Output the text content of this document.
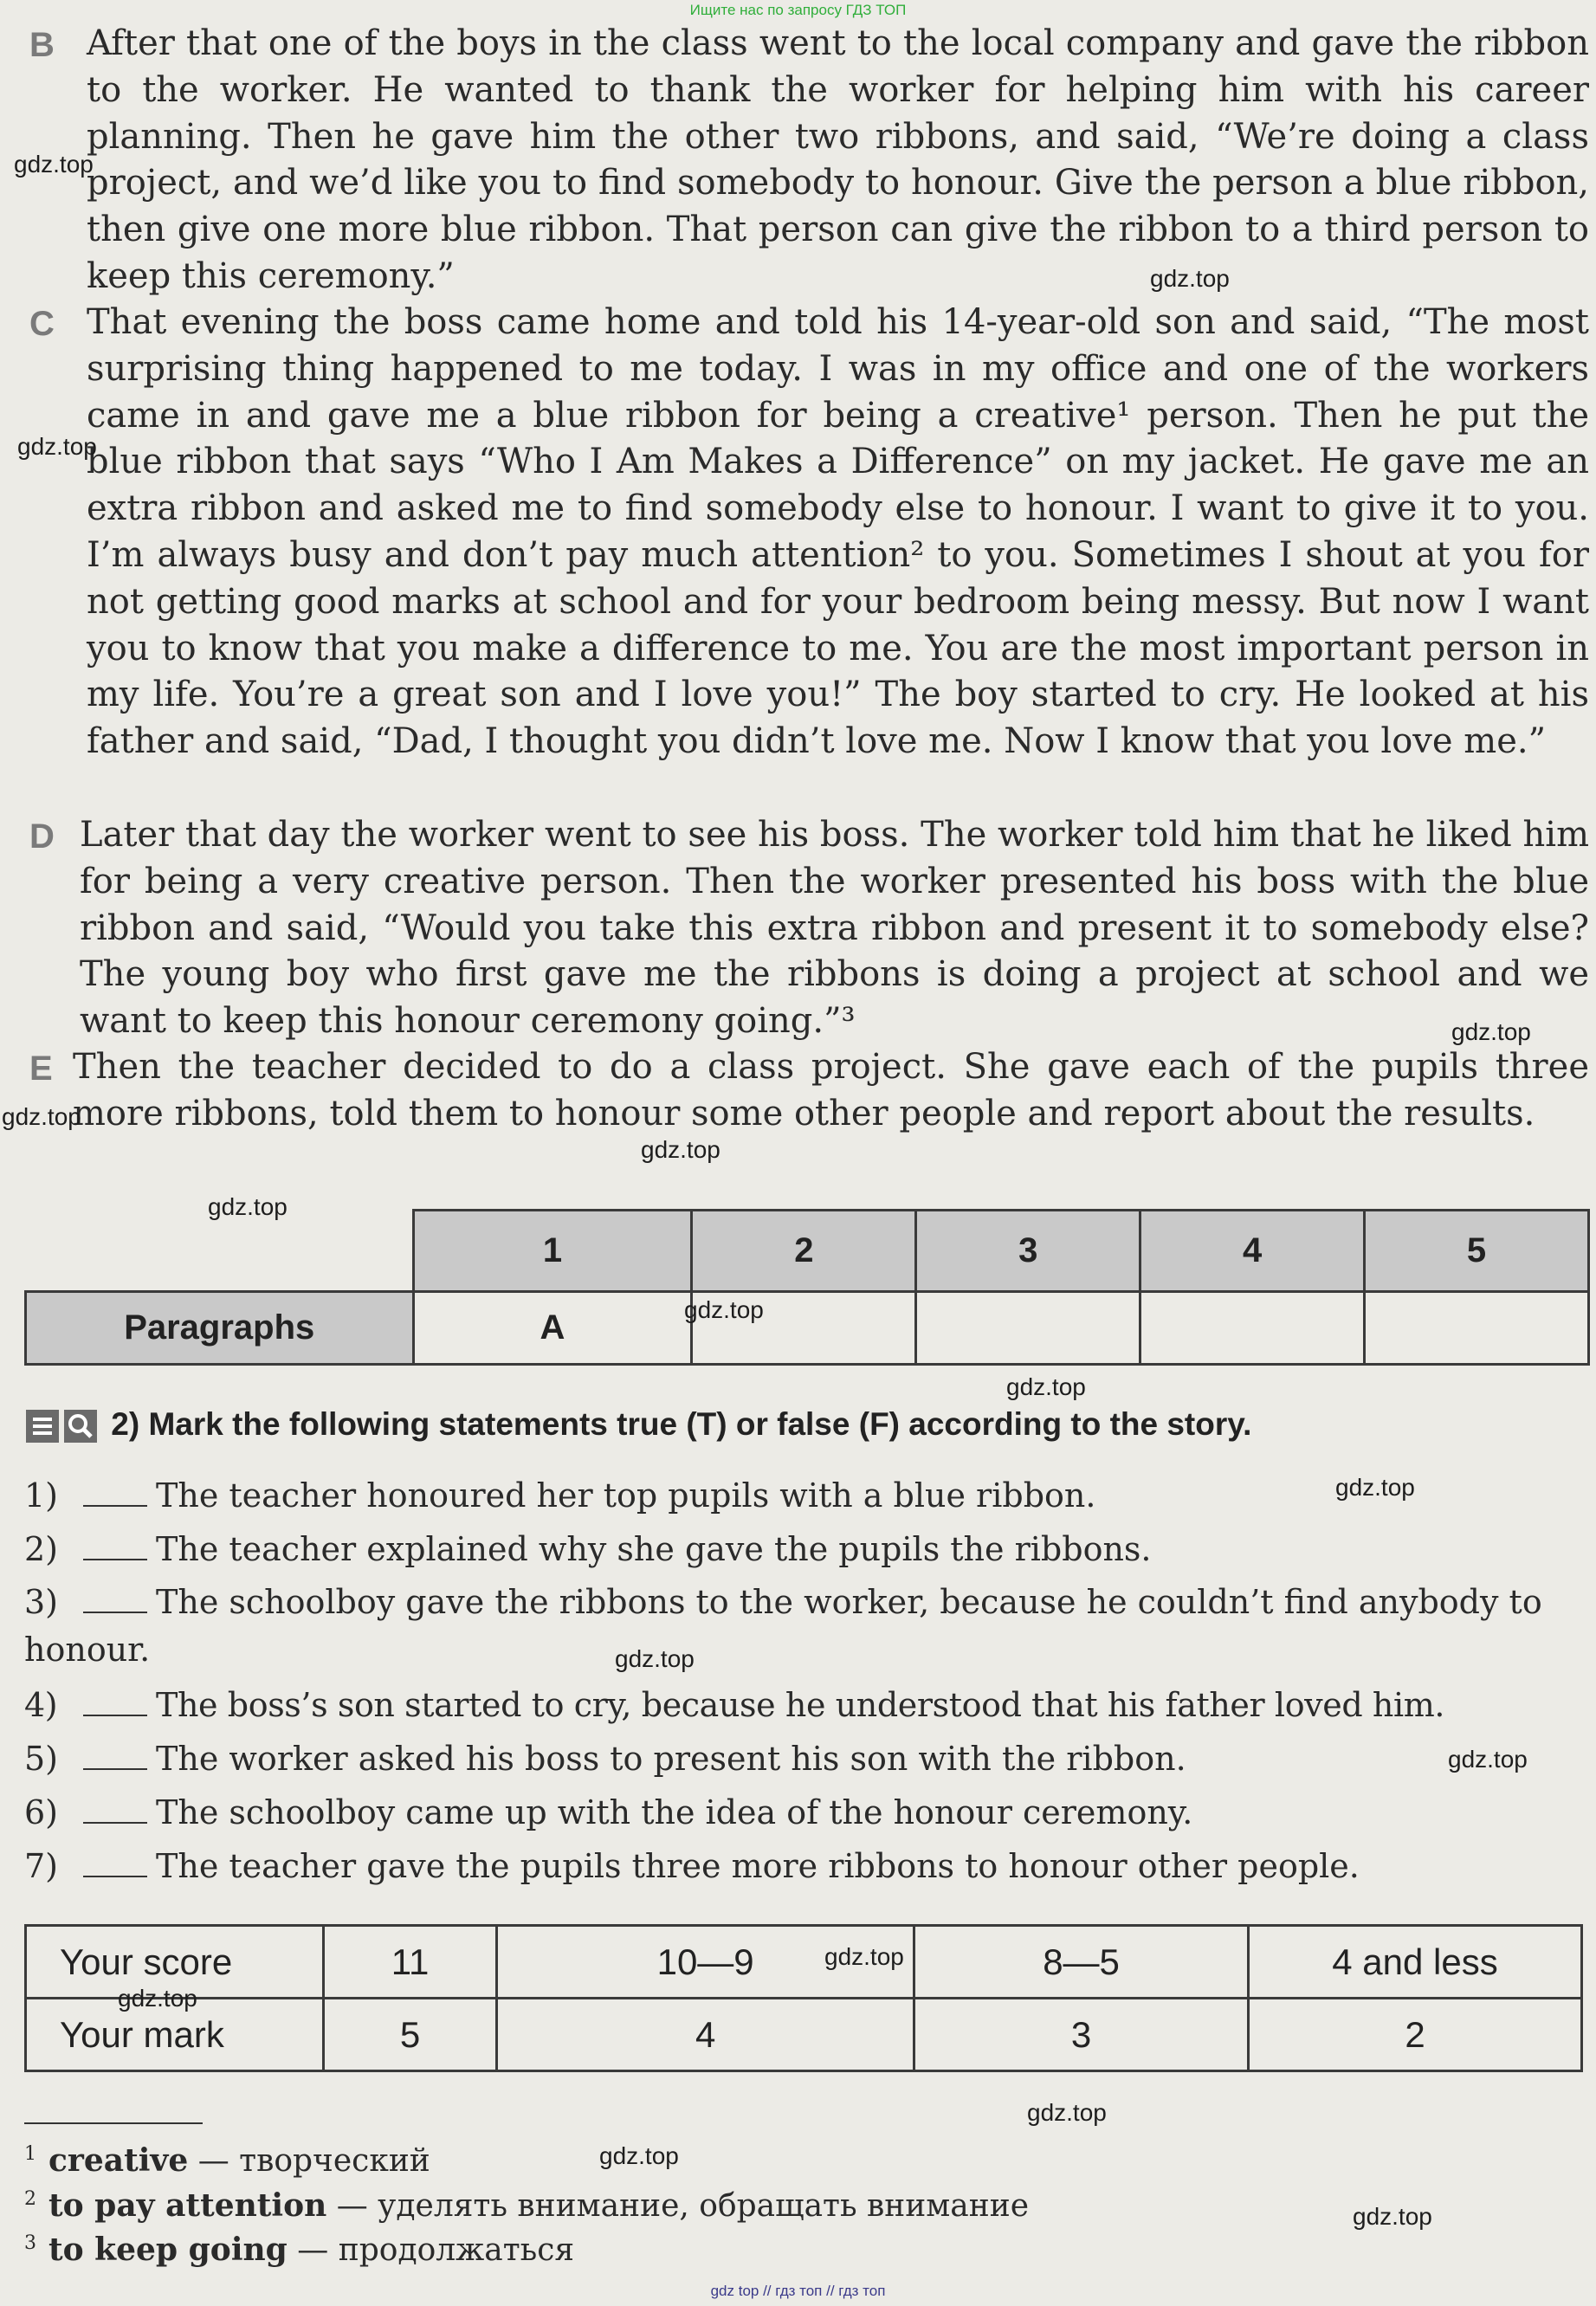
Ищите нас по запросу ГДЗ ТОП
B After that one of the boys in the class went to the local company and gave the ribbon to the worker. He wanted to thank the worker for helping him with his career planning. Then he gave him the other two ribbons, and said, “We’re doing a class project, and we’d like you to find somebody to honour. Give the person a blue ribbon, then give one more blue ribbon. That person can give the ribbon to a third person to keep this ceremony.”
C That evening the boss came home and told his 14-year-old son and said, “The most surprising thing happened to me today. I was in my office and one of the workers came in and gave me a blue ribbon for being a creative¹ person. Then he put the blue ribbon that says “Who I Am Makes a Difference” on my jacket. He gave me an extra ribbon and asked me to find somebody else to honour. I want to give it to you. I’m always busy and don’t pay much attention² to you. Sometimes I shout at you for not getting good marks at school and for your bedroom being messy. But now I want you to know that you make a difference to me. You are the most important person in my life. You’re a great son and I love you!” The boy started to cry. He looked at his father and said, “Dad, I thought you didn’t love me. Now I know that you love me.”
D Later that day the worker went to see his boss. The worker told him that he liked him for being a very creative person. Then the worker presented his boss with the blue ribbon and said, “Would you take this extra ribbon and present it to somebody else? The young boy who first gave me the ribbons is doing a project at school and we want to keep this honour ceremony going.”³
E Then the teacher decided to do a class project. She gave each of the pupils three more ribbons, told them to honour some other people and report about the results.
	1	2	3	4	5
Paragraphs	A				
2) Mark the following statements true (T) or false (F) according to the story.
1)	The teacher honoured her top pupils with a blue ribbon.
2)	The teacher explained why she gave the pupils the ribbons.
3)	The schoolboy gave the ribbons to the worker, because he couldn’t find anybody to honour.
4)	The boss’s son started to cry, because he understood that his father loved him.
5)	The worker asked his boss to present his son with the ribbon.
6)	The schoolboy came up with the idea of the honour ceremony.
7)	The teacher gave the pupils three more ribbons to honour other people.
Your score	11	10—9	8—5	4 and less
Your mark	5	4	3	2
$^1$ creative — творческий
$^2$ to pay attention — уделять внимание, обращать внимание
$^3$ to keep going — продолжаться
gdz.top
gdz.top
gdz.top
gdz.top
gdz.top
gdz.top
gdz.top
gdz.top
gdz.top
gdz.top
gdz.top
gdz.top
gdz.top
gdz.top
gdz.top
gdz.top
gdz.top
gdz top // гдз топ // гдз топ
